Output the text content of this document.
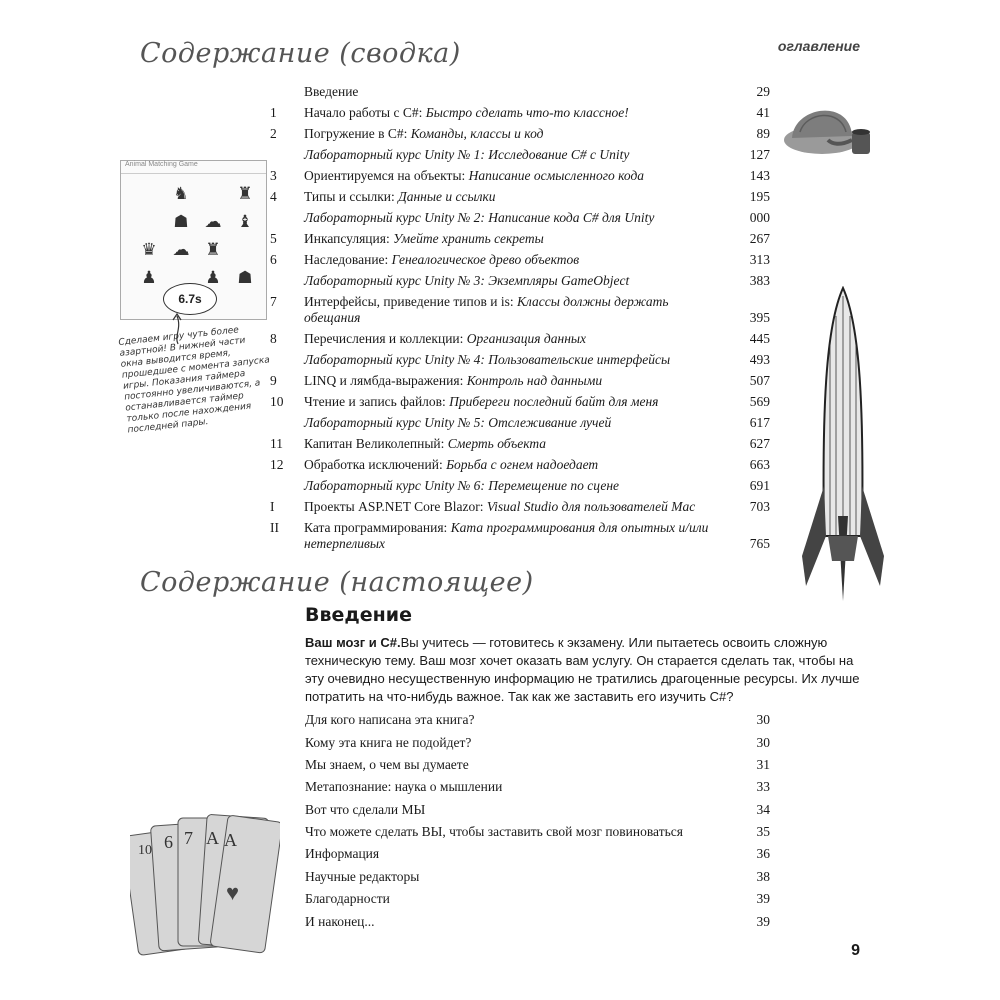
Содержание (сводка)	оглавление
Введение	29
1	Начало работы с C#: Быстро сделать что-то классное!	41
2	Погружение в C#: Команды, классы и код	89
Лабораторный курс Unity № 1: Исследование C# с Unity	127
3	Ориентируемся на объекты: Написание осмысленного кода	143
4	Типы и ссылки: Данные и ссылки	195
Лабораторный курс Unity № 2: Написание кода C# для Unity	000
5	Инкапсуляция: Умейте хранить секреты	267
6	Наследование: Генеалогическое древо объектов	313
Лабораторный курс Unity № 3: Экземпляры GameObject	383
7	Интерфейсы, приведение типов и is: Классы должны держать обещания	395
8	Перечисления и коллекции: Организация данных	445
Лабораторный курс Unity № 4: Пользовательские интерфейсы	493
9	LINQ и лямбда-выражения: Контроль над данными	507
10	Чтение и запись файлов: Прибереги последний байт для меня	569
Лабораторный курс Unity № 5: Отслеживание лучей	617
11	Капитан Великолепный: Смерть объекта	627
12	Обработка исключений: Борьба с огнем надоедает	663
Лабораторный курс Unity № 6: Перемещение по сцене	691
I	Проекты ASP.NET Core Blazor: Visual Studio для пользователей Mac	703
II	Ката программирования: Ката программирования для опытных и/или нетерпеливых	765
Animal Matching Game
♞	♜
☗ ☁ ♝
♛ ☁ ♜
♟	♟ ☗
6.7s
Сделаем игру чуть более азартной! В нижней части окна выводится время, прошедшее с момента запуска игры. Показания таймера постоянно увеличиваются, а останавливается таймер только после нахождения последней пары.
Содержание (настоящее)
Введение

Ваш мозг и C#.Вы учитесь — готовитесь к экзамену. Или пытаетесь освоить сложную техническую тему. Ваш мозг хочет оказать вам услугу. Он старается сделать так, чтобы на эту очевидно несущественную информацию не тратились драгоценные ресурсы. Их лучше потратить на что-нибудь важное. Так как же заставить его изучить C#?

Для кого написана эта книга?	30
Кому эта книга не подойдет?	30
Мы знаем, о чем вы думаете	31
Метапознание: наука о мышлении	33
Вот что сделали МЫ	34
Что можете сделать ВЫ, чтобы заставить свой мозг повиноваться	35
Информация	36
Научные редакторы	38
Благодарности	39
И наконец...	39
10 6 7 A A
♥
9
